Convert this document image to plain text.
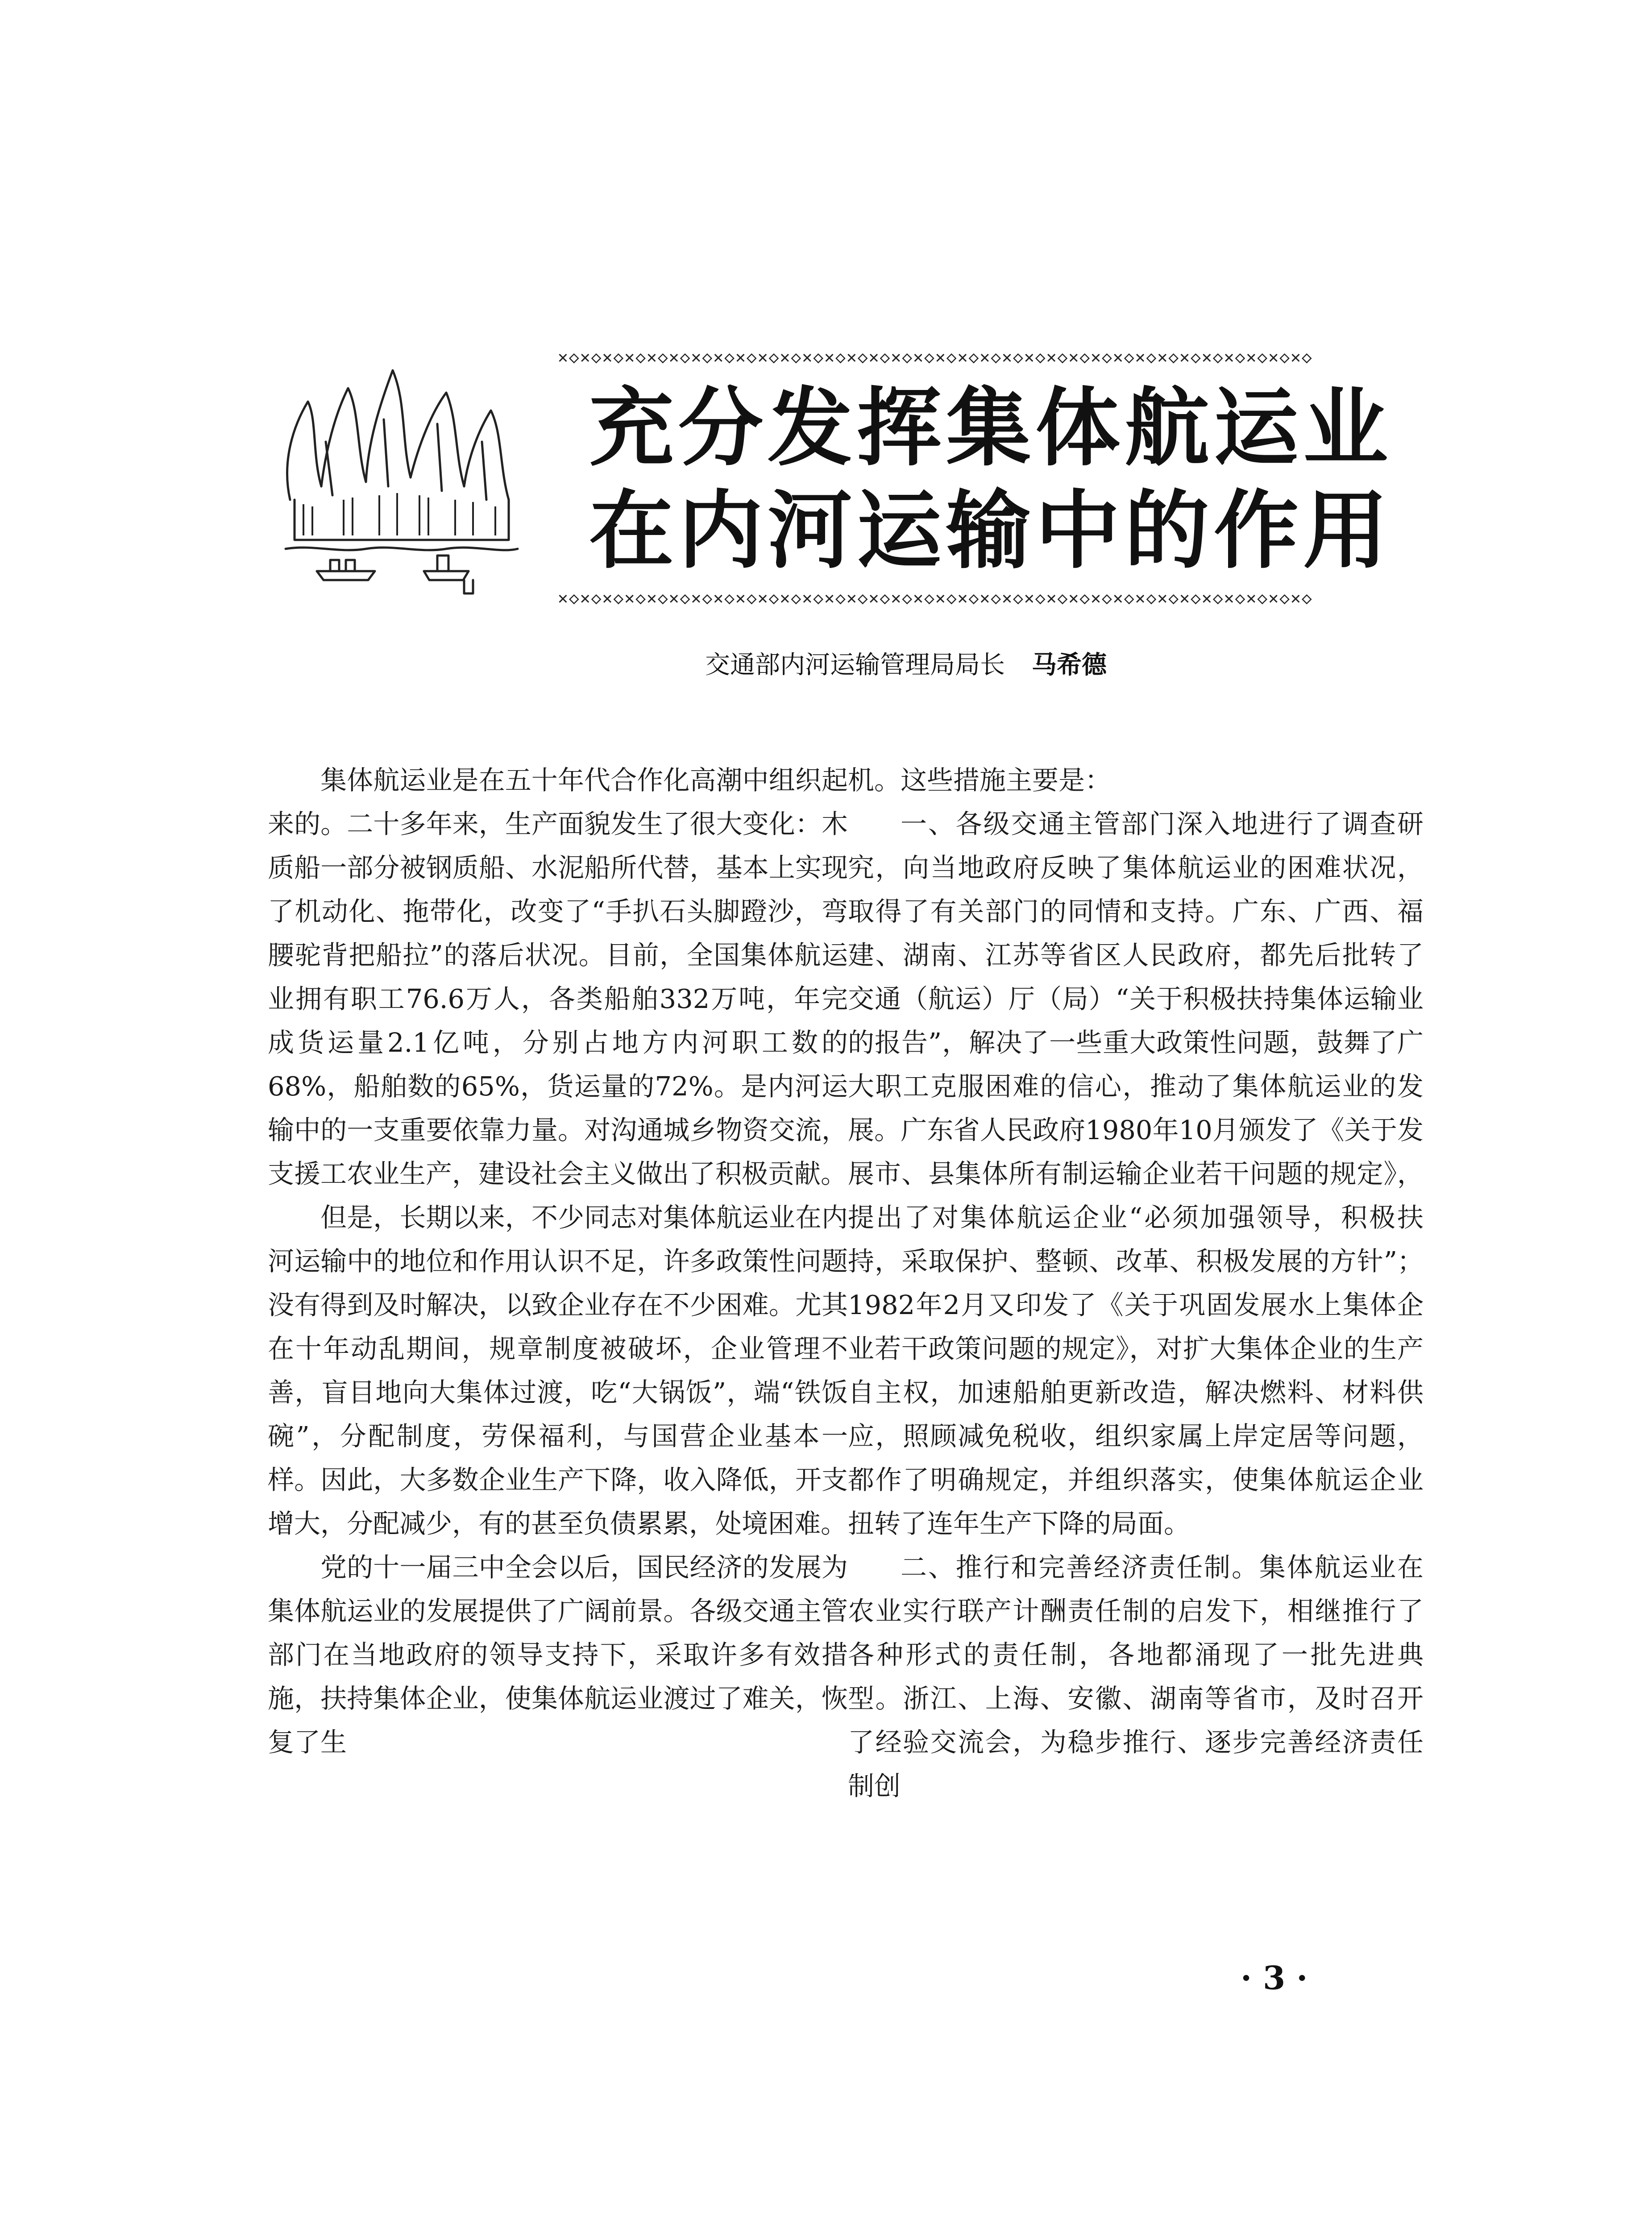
✕◇✕◇✕◇✕◇✕◇✕◇✕◇✕◇✕◇✕◇✕◇✕◇✕◇✕◇✕◇✕◇✕◇✕◇✕◇✕◇✕◇✕◇✕◇✕◇✕◇✕◇✕◇✕◇✕◇✕◇✕◇✕◇✕◇✕◇
充分发挥集体航运业
在内河运输中的作用
✕◇✕◇✕◇✕◇✕◇✕◇✕◇✕◇✕◇✕◇✕◇✕◇✕◇✕◇✕◇✕◇✕◇✕◇✕◇✕◇✕◇✕◇✕◇✕◇✕◇✕◇✕◇✕◇✕◇✕◇✕◇✕◇✕◇✕◇
交通部内河运输管理局局长 马希德

集体航运业是在五十年代合作化高潮中组织起来的。二十多年来，生产面貌发生了很大变化：木质船一部分被钢质船、水泥船所代替，基本上实现了机动化、拖带化，改变了“手扒石头脚蹬沙，弯腰驼背把船拉”的落后状况。目前，全国集体航运业拥有职工76.6万人，各类船舶332万吨，年完成货运量2.1亿吨，分别占地方内河职工数的68%，船舶数的65%，货运量的72%。是内河运输中的一支重要依靠力量。对沟通城乡物资交流，支援工农业生产，建设社会主义做出了积极贡献。

但是，长期以来，不少同志对集体航运业在内河运输中的地位和作用认识不足，许多政策性问题没有得到及时解决，以致企业存在不少困难。尤其在十年动乱期间，规章制度被破坏，企业管理不善，盲目地向大集体过渡，吃“大锅饭”，端“铁饭碗”，分配制度，劳保福利，与国营企业基本一样。因此，大多数企业生产下降，收入降低，开支增大，分配减少，有的甚至负债累累，处境困难。

党的十一届三中全会以后，国民经济的发展为集体航运业的发展提供了广阔前景。各级交通主管部门在当地政府的领导支持下，采取许多有效措施，扶持集体企业，使集体航运业渡过了难关，恢复了生

机。这些措施主要是：

一、各级交通主管部门深入地进行了调查研究，向当地政府反映了集体航运业的困难状况，取得了有关部门的同情和支持。广东、广西、福建、湖南、江苏等省区人民政府，都先后批转了交通（航运）厅（局）“关于积极扶持集体运输业的报告”，解决了一些重大政策性问题，鼓舞了广大职工克服困难的信心，推动了集体航运业的发展。广东省人民政府1980年10月颁发了《关于发展市、县集体所有制运输企业若干问题的规定》，提出了对集体航运企业“必须加强领导，积极扶持，采取保护、整顿、改革、积极发展的方针”；1982年2月又印发了《关于巩固发展水上集体企业若干政策问题的规定》，对扩大集体企业的生产自主权，加速船舶更新改造，解决燃料、材料供应，照顾减免税收，组织家属上岸定居等问题，都作了明确规定，并组织落实，使集体航运企业扭转了连年生产下降的局面。

二、推行和完善经济责任制。集体航运业在农业实行联产计酬责任制的启发下，相继推行了各种形式的责任制，各地都涌现了一批先进典型。浙江、上海、安徽、湖南等省市，及时召开了经验交流会，为稳步推行、逐步完善经济责任制创

· 3 ·
